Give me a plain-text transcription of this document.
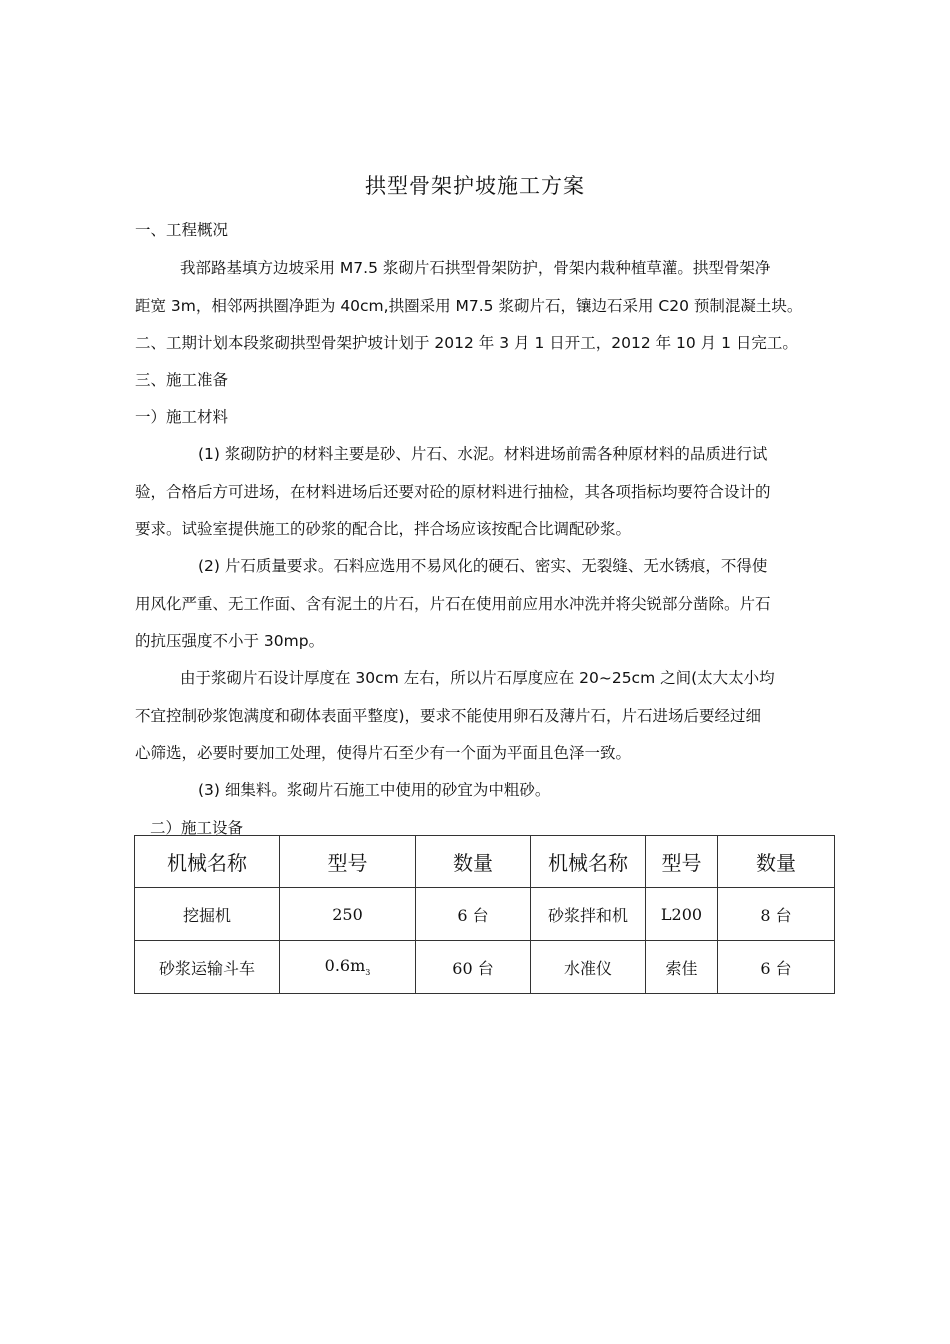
拱型骨架护坡施工方案
一、工程概况
我部路基填方边坡采用 M7.5 浆砌片石拱型骨架防护，骨架内栽种植草灌。拱型骨架净
距宽 3m，相邻两拱圈净距为 40cm,拱圈采用 M7.5 浆砌片石，镶边石采用 C20 预制混凝土块。
二、工期计划本段浆砌拱型骨架护坡计划于 2012 年 3 月 1 日开工，2012 年 10 月 1 日完工。
三、施工准备
一）施工材料
(1) 浆砌防护的材料主要是砂、片石、水泥。材料进场前需各种原材料的品质进行试
验，合格后方可进场，在材料进场后还要对砼的原材料进行抽检，其各项指标均要符合设计的
要求。试验室提供施工的砂浆的配合比，拌合场应该按配合比调配砂浆。
(2) 片石质量要求。石料应选用不易风化的硬石、密实、无裂缝、无水锈痕，不得使
用风化严重、无工作面、含有泥土的片石，片石在使用前应用水冲洗并将尖锐部分凿除。片石
的抗压强度不小于 30mp。
由于浆砌片石设计厚度在 30cm 左右，所以片石厚度应在 20~25cm 之间(太大太小均
不宜控制砂浆饱满度和砌体表面平整度)，要求不能使用卵石及薄片石，片石进场后要经过细
心筛选，必要时要加工处理，使得片石至少有一个面为平面且色泽一致。
(3) 细集料。浆砌片石施工中使用的砂宜为中粗砂。
二）施工设备
机械名称	型号	数量	机械名称	型号	数量
挖掘机	250	6 台	砂浆拌和机	L200	8 台
砂浆运输斗车	$0.6m_3$	60 台	水准仪	索佳	6 台
